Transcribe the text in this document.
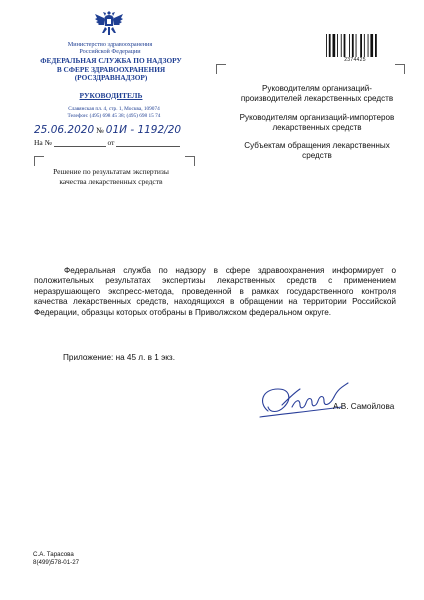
Министерство здравоохранения
Российской Федерации
ФЕДЕРАЛЬНАЯ СЛУЖБА ПО НАДЗОРУ
В СФЕРЕ ЗДРАВООХРАНЕНИЯ
(РОСЗДРАВНАДЗОР)
РУКОВОДИТЕЛЬ
Славянская пл. 4, стр. 1, Москва, 109074
Телефон: (495) 698 45 38; (495) 698 15 74
25.06.2020 № 01И - 1192/20
На №	от
2374425

Руководителям организаций-производителей лекарственных средств

Руководителям организаций-импортеров лекарственных средств

Субъектам обращения лекарственных средств

Решение по результатам экспертизы
качества лекарственных средств

Федеральная служба по надзору в сфере здравоохранения информирует о положительных результатах экспертизы лекарственных средств с применением неразрушающего экспресс-метода, проведенной в рамках государственного контроля качества лекарственных средств, находящихся в обращении на территории Российской Федерации, образцы которых отобраны в Приволжском федеральном округе.

Приложение: на 45 л. в 1 экз.
А.В. Самойлова
С.А. Тарасова
8(499)578-01-27
